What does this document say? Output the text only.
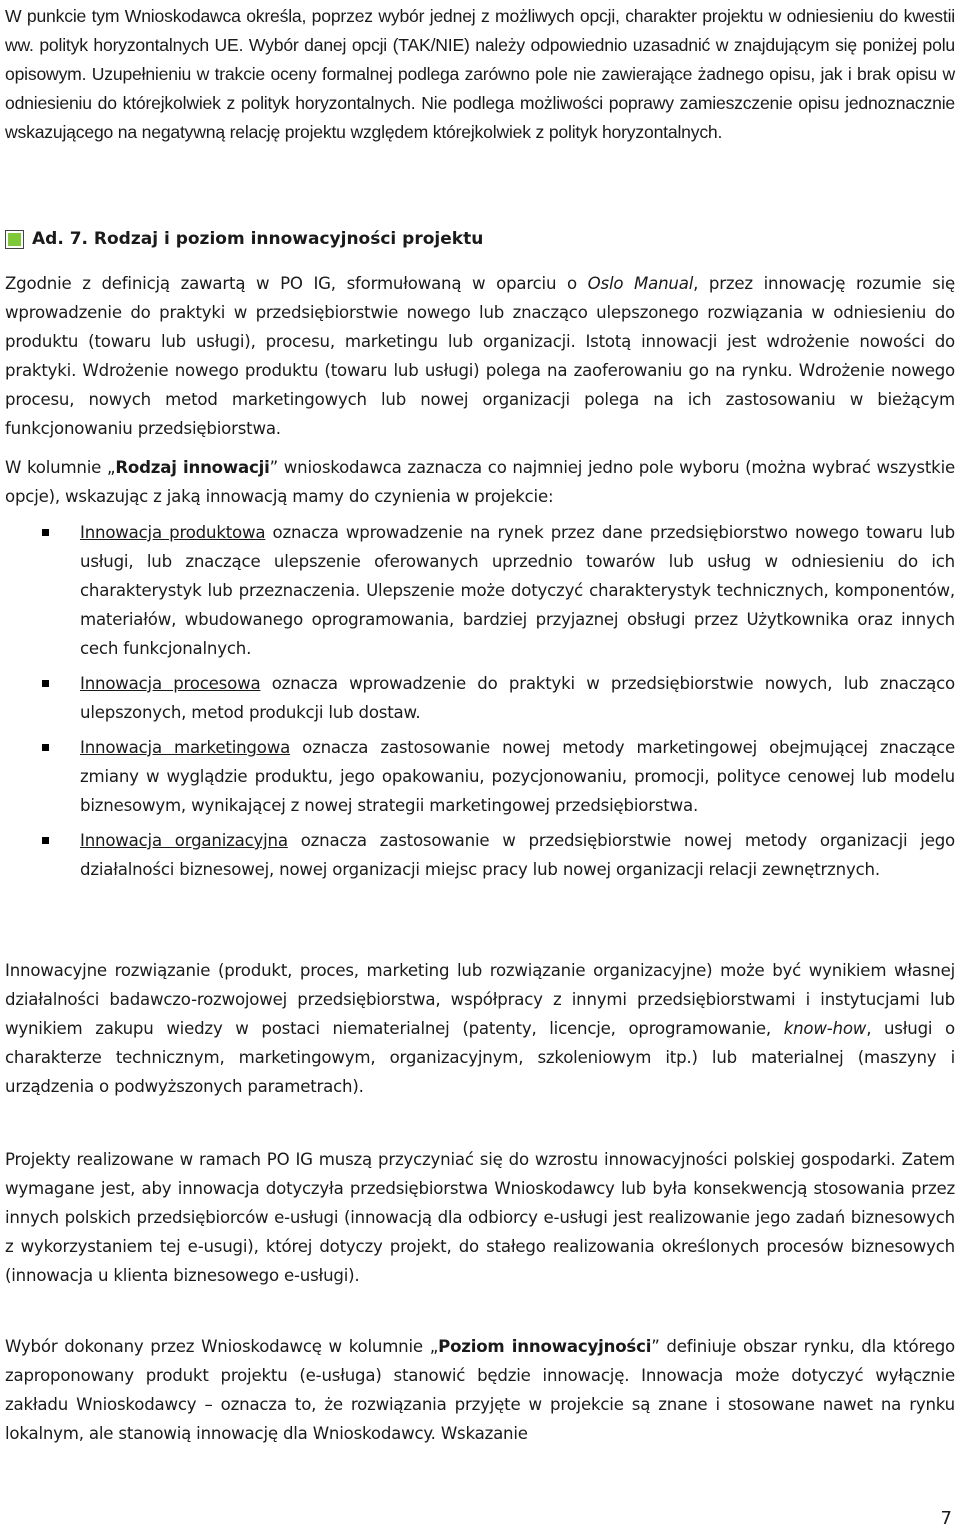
W punkcie tym Wnioskodawca określa, poprzez wybór jednej z możliwych opcji, charakter projektu w odniesieniu do kwestii ww. polityk horyzontalnych UE. Wybór danej opcji (TAK/NIE) należy odpowiednio uzasadnić w znajdującym się poniżej polu opisowym. Uzupełnieniu w trakcie oceny formalnej podlega zarówno pole nie zawierające żadnego opisu, jak i brak opisu w odniesieniu do którejkolwiek z polityk horyzontalnych. Nie podlega możliwości poprawy zamieszczenie opisu jednoznacznie wskazującego na negatywną relację projektu względem którejkolwiek z polityk horyzontalnych.

Ad. 7. Rodzaj i poziom innowacyjności projektu

Zgodnie z definicją zawartą w PO IG, sformułowaną w oparciu o Oslo Manual, przez innowację rozumie się wprowadzenie do praktyki w przedsiębiorstwie nowego lub znacząco ulepszonego rozwiązania w odniesieniu do produktu (towaru lub usługi), procesu, marketingu lub organizacji. Istotą innowacji jest wdrożenie nowości do praktyki. Wdrożenie nowego produktu (towaru lub usługi) polega na zaoferowaniu go na rynku. Wdrożenie nowego procesu, nowych metod marketingowych lub nowej organizacji polega na ich zastosowaniu w bieżącym funkcjonowaniu przedsiębiorstwa.

W kolumnie „Rodzaj innowacji” wnioskodawca zaznacza co najmniej jedno pole wyboru (można wybrać wszystkie opcje), wskazując z jaką innowacją mamy do czynienia w projekcie:

Innowacja produktowa oznacza wprowadzenie na rynek przez dane przedsiębiorstwo nowego towaru lub usługi, lub znaczące ulepszenie oferowanych uprzednio towarów lub usług w odniesieniu do ich charakterystyk lub przeznaczenia. Ulepszenie może dotyczyć charakterystyk technicznych, komponentów, materiałów, wbudowanego oprogramowania, bardziej przyjaznej obsługi przez Użytkownika oraz innych cech funkcjonalnych.
Innowacja procesowa oznacza wprowadzenie do praktyki w przedsiębiorstwie nowych, lub znacząco ulepszonych, metod produkcji lub dostaw.
Innowacja marketingowa oznacza zastosowanie nowej metody marketingowej obejmującej znaczące zmiany w wyglądzie produktu, jego opakowaniu, pozycjonowaniu, promocji, polityce cenowej lub modelu biznesowym, wynikającej z nowej strategii marketingowej przedsiębiorstwa.
Innowacja organizacyjna oznacza zastosowanie w przedsiębiorstwie nowej metody organizacji jego działalności biznesowej, nowej organizacji miejsc pracy lub nowej organizacji relacji zewnętrznych.

Innowacyjne rozwiązanie (produkt, proces, marketing lub rozwiązanie organizacyjne) może być wynikiem własnej działalności badawczo-rozwojowej przedsiębiorstwa, współpracy z innymi przedsiębiorstwami i instytucjami lub wynikiem zakupu wiedzy w postaci niematerialnej (patenty, licencje, oprogramowanie, know-how, usługi o charakterze technicznym, marketingowym, organizacyjnym, szkoleniowym itp.) lub materialnej (maszyny i urządzenia o podwyższonych parametrach).

Projekty realizowane w ramach PO IG muszą przyczyniać się do wzrostu innowacyjności polskiej gospodarki. Zatem wymagane jest, aby innowacja dotyczyła przedsiębiorstwa Wnioskodawcy lub była konsekwencją stosowania przez innych polskich przedsiębiorców e-usługi (innowacją dla odbiorcy e-usługi jest realizowanie jego zadań biznesowych z wykorzystaniem tej e-usugi), której dotyczy projekt, do stałego realizowania określonych procesów biznesowych (innowacja u klienta biznesowego e-usługi).

Wybór dokonany przez Wnioskodawcę w kolumnie „Poziom innowacyjności” definiuje obszar rynku, dla którego zaproponowany produkt projektu (e-usługa) stanowić będzie innowację. Innowacja może dotyczyć wyłącznie zakładu Wnioskodawcy – oznacza to, że rozwiązania przyjęte w projekcie są znane i stosowane nawet na rynku lokalnym, ale stanowią innowację dla Wnioskodawcy. Wskazanie

7
